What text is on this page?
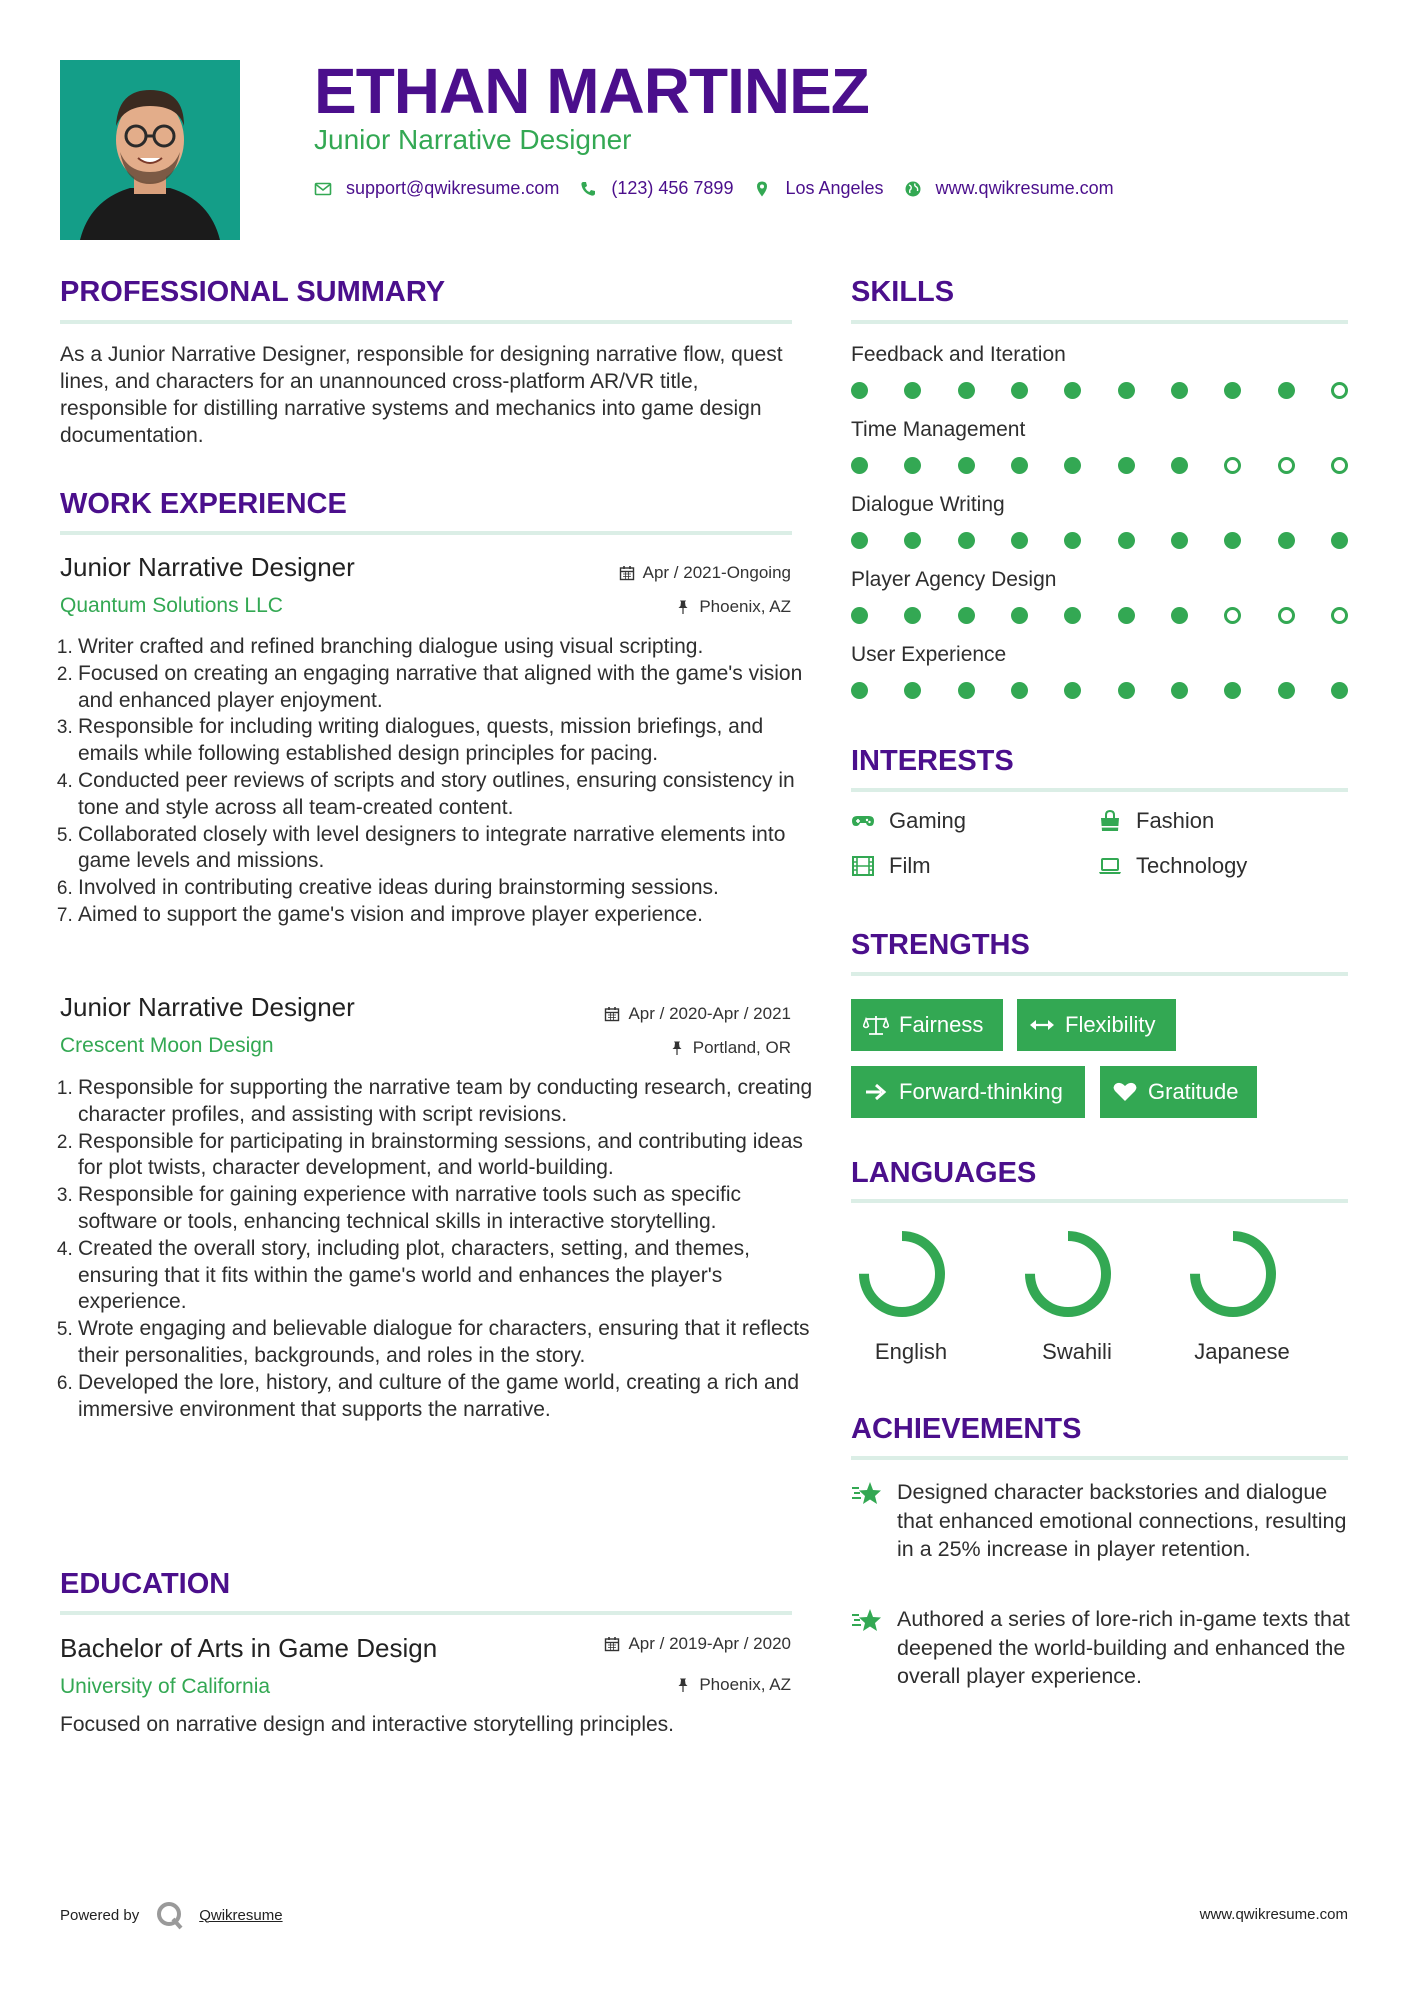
ETHAN MARTINEZ
Junior Narrative Designer
support@qwikresume.com	(123) 456 7899	Los Angeles	www.qwikresume.com
PROFESSIONAL SUMMARY

As a Junior Narrative Designer, responsible for designing narrative flow, quest lines, and characters for an unannounced cross-platform AR/VR title, responsible for distilling narrative systems and mechanics into game design documentation.

WORK EXPERIENCE
Junior Narrative Designer
Quantum Solutions LLC
Apr / 2021-Ongoing
Phoenix, AZ
1. Writer crafted and refined branching dialogue using visual scripting.
2. Focused on creating an engaging narrative that aligned with the game's vision and enhanced player enjoyment.
3. Responsible for including writing dialogues, quests, mission briefings, and emails while following established design principles for pacing.
4. Conducted peer reviews of scripts and story outlines, ensuring consistency in tone and style across all team-created content.
5. Collaborated closely with level designers to integrate narrative elements into game levels and missions.
6. Involved in contributing creative ideas during brainstorming sessions.
7. Aimed to support the game's vision and improve player experience.
Junior Narrative Designer
Crescent Moon Design
Apr / 2020-Apr / 2021
Portland, OR
1. Responsible for supporting the narrative team by conducting research, creating character profiles, and assisting with script revisions.
2. Responsible for participating in brainstorming sessions, and contributing ideas for plot twists, character development, and world-building.
3. Responsible for gaining experience with narrative tools such as specific software or tools, enhancing technical skills in interactive storytelling.
4. Created the overall story, including plot, characters, setting, and themes, ensuring that it fits within the game's world and enhances the player's experience.
5. Wrote engaging and believable dialogue for characters, ensuring that it reflects their personalities, backgrounds, and roles in the story.
6. Developed the lore, history, and culture of the game world, creating a rich and immersive environment that supports the narrative.
EDUCATION
Bachelor of Arts in Game Design
University of California
Apr / 2019-Apr / 2020
Phoenix, AZ

Focused on narrative design and interactive storytelling principles.

SKILLS
Feedback and Iteration
Time Management
Dialogue Writing
Player Agency Design
User Experience
INTERESTS
Gaming	Fashion
Film	Technology
STRENGTHS
Fairness	Flexibility
Forward-thinking	Gratitude
LANGUAGES
English	Swahili	Japanese
ACHIEVEMENTS
Designed character backstories and dialogue that enhanced emotional connections, resulting in a 25% increase in player retention.
Authored a series of lore-rich in-game texts that deepened the world-building and enhanced the overall player experience.
Powered by	Qwikresume	www.qwikresume.com
